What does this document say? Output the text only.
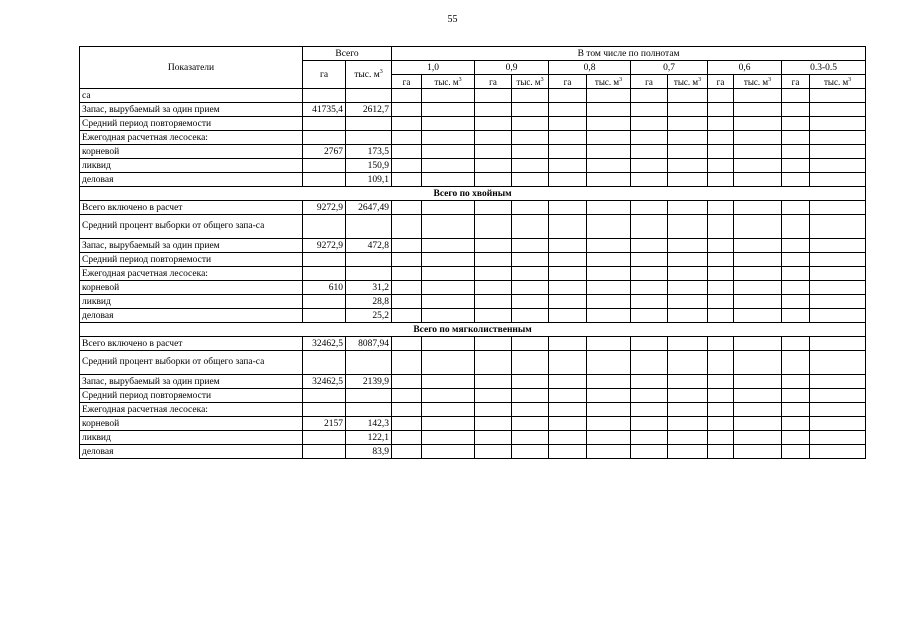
55
Показатели	Всего		В том числе по полнотам											
	га	тыс. $м^3$	1,0		0,9		0,8		0,7		0,6		0.3-0.5	
			га	тыс. $м^3$	га	тыс. $м^3$	га	тыс. $м^3$	га	тыс. $м^3$	га	тыс. $м^3$	га	тыс. $м^3$
са														
Запас, вырубаемый за один прием	41735,4	2612,7												
Средний период повторяемости														
Ежегодная расчетная лесосека:														
корневой	2767	173,5												
ликвид		150,9												
деловая		109,1												
Всего по хвойным														
Всего включено в расчет	9272,9	2647,49												
Средний процент выборки от общего запа-са														
Запас, вырубаемый за один прием	9272,9	472,8												
Средний период повторяемости														
Ежегодная расчетная лесосека:														
корневой	610	31,2												
ликвид		28,8												
деловая		25,2												
Всего по мягколиственным														
Всего включено в расчет	32462,5	8087,94												
Средний процент выборки от общего запа-са														
Запас, вырубаемый за один прием	32462,5	2139,9												
Средний период повторяемости														
Ежегодная расчетная лесосека:														
корневой	2157	142,3												
ликвид		122,1												
деловая		83,9												
